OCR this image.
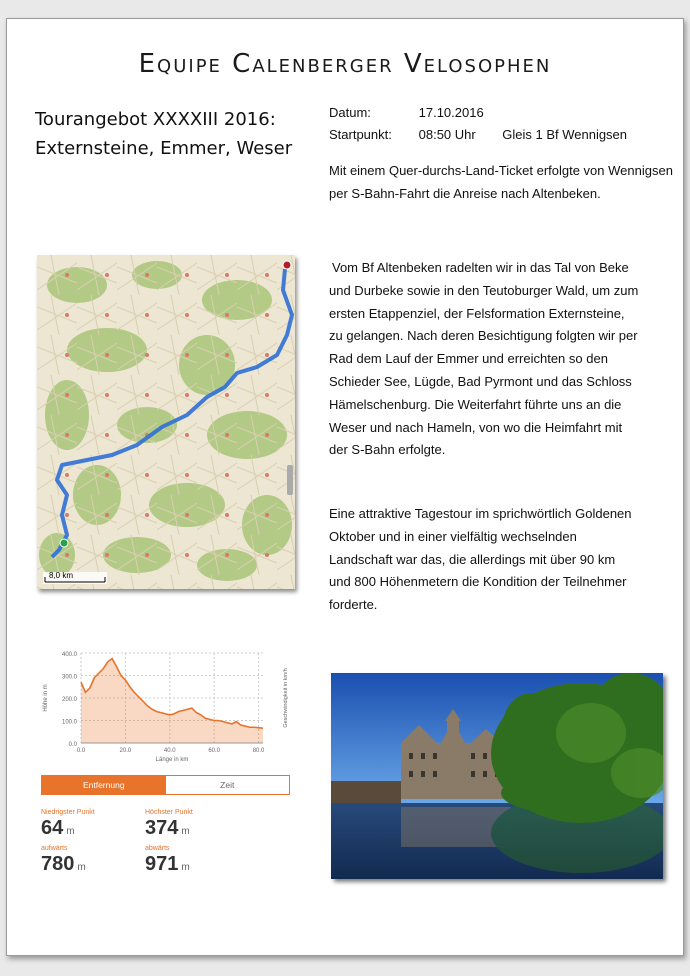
Equipe Calenberger Velosophen
Tourangebot XXXXIII 2016:
Externsteine, Emmer, Weser
Datum:	17.10.2016
Startpunkt: 08:50 Uhr Gleis 1 Bf Wennigsen

Mit einem Quer-durchs-Land-Ticket erfolgte von Wennigsen per S-Bahn-Fahrt die Anreise nach Altenbeken.

Vom Bf Altenbeken radelten wir in das Tal von Beke und Durbeke sowie in den Teutoburger Wald, um zum ersten Etappenziel, der Felsformation Externsteine, zu gelangen. Nach deren Besichtigung folgten wir per Rad dem Lauf der Emmer und erreichten so den Schieder See, Lügde, Bad Pyrmont und das Schloss Hämelschenburg. Die Weiterfahrt führte uns an die Weser und nach Hameln, von wo die Heimfahrt mit der S-Bahn erfolgte.

Eine attraktive Tagestour im sprichwörtlich Goldenen Oktober und in einer vielfältig wechselnden Landschaft war das, die allerdings mit über 90 km und 800 Höhenmetern die Kondition der Teilnehmer forderte.

8,0 km
0.0
100.0
200.0
300.0
400.0
0.0	20.0	40.0	60.0	80.0
Länge in km
Höhe in m	Geschwindigkeit in km/h
Entfernung	Zeit
Niedrigster Punkt
64 m
Höchster Punkt
374 m
aufwärts
780 m
abwärts
971 m
